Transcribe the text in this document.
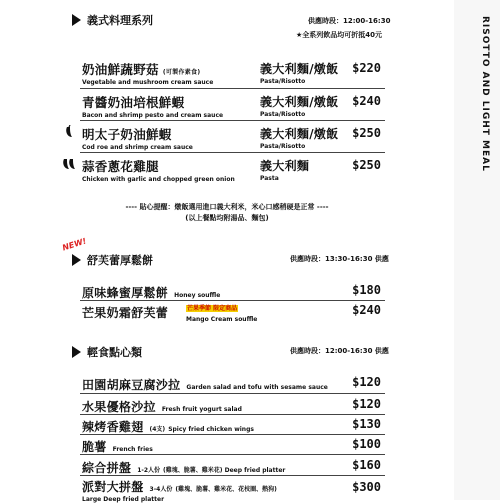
義式料理系列	供應時段：12:00-16:30
★全系列飲品均可折抵40元
奶油鮮蔬野菇 (可製作素食)
Vegetable and mushroom cream sauce
義大利麵/燉飯
Pasta/Risotto
$220
青醬奶油培根鮮蝦
Bacon and shrimp pesto and cream sauce
義大利麵/燉飯
Pasta/Risotto
$240
明太子奶油鮮蝦
Cod roe and shrimp cream sauce
義大利麵/燉飯
Pasta/Risotto
$250
蒜香蔥花雞腿
Chicken with garlic and chopped green onion
義大利麵
Pasta
$250
---- 貼心提醒：燉飯選用進口義大利米，米心口感稍硬是正常 ----
(以上餐點均附湯品、麵包)
NEW!
舒芙蕾厚鬆餅	供應時段：13:30-16:30 供應
原味蜂蜜厚鬆餅 Honey souffle	$180
芒果奶霜舒芙蕾	芒果季節 限定商品
Mango Cream souffle
$240
輕食點心類	供應時段：12:00-16:30 供應
田園胡麻豆腐沙拉 Garden salad and tofu with sesame sauce $120
水果優格沙拉 Fresh fruit yogurt salad	$120
辣烤香雞翅 (4支) Spicy fried chicken wings	$130
脆薯 French fries	$100
綜合拼盤 1-2人份 (雞塊、脆薯、雞米花) Deep fried platter	$160
派對大拼盤 3-4人份 (雞塊、脆薯、雞米花、花枝圈、熱狗)
Large Deep fried platter
$300
RISOTTO AND LIGHT MEAL
